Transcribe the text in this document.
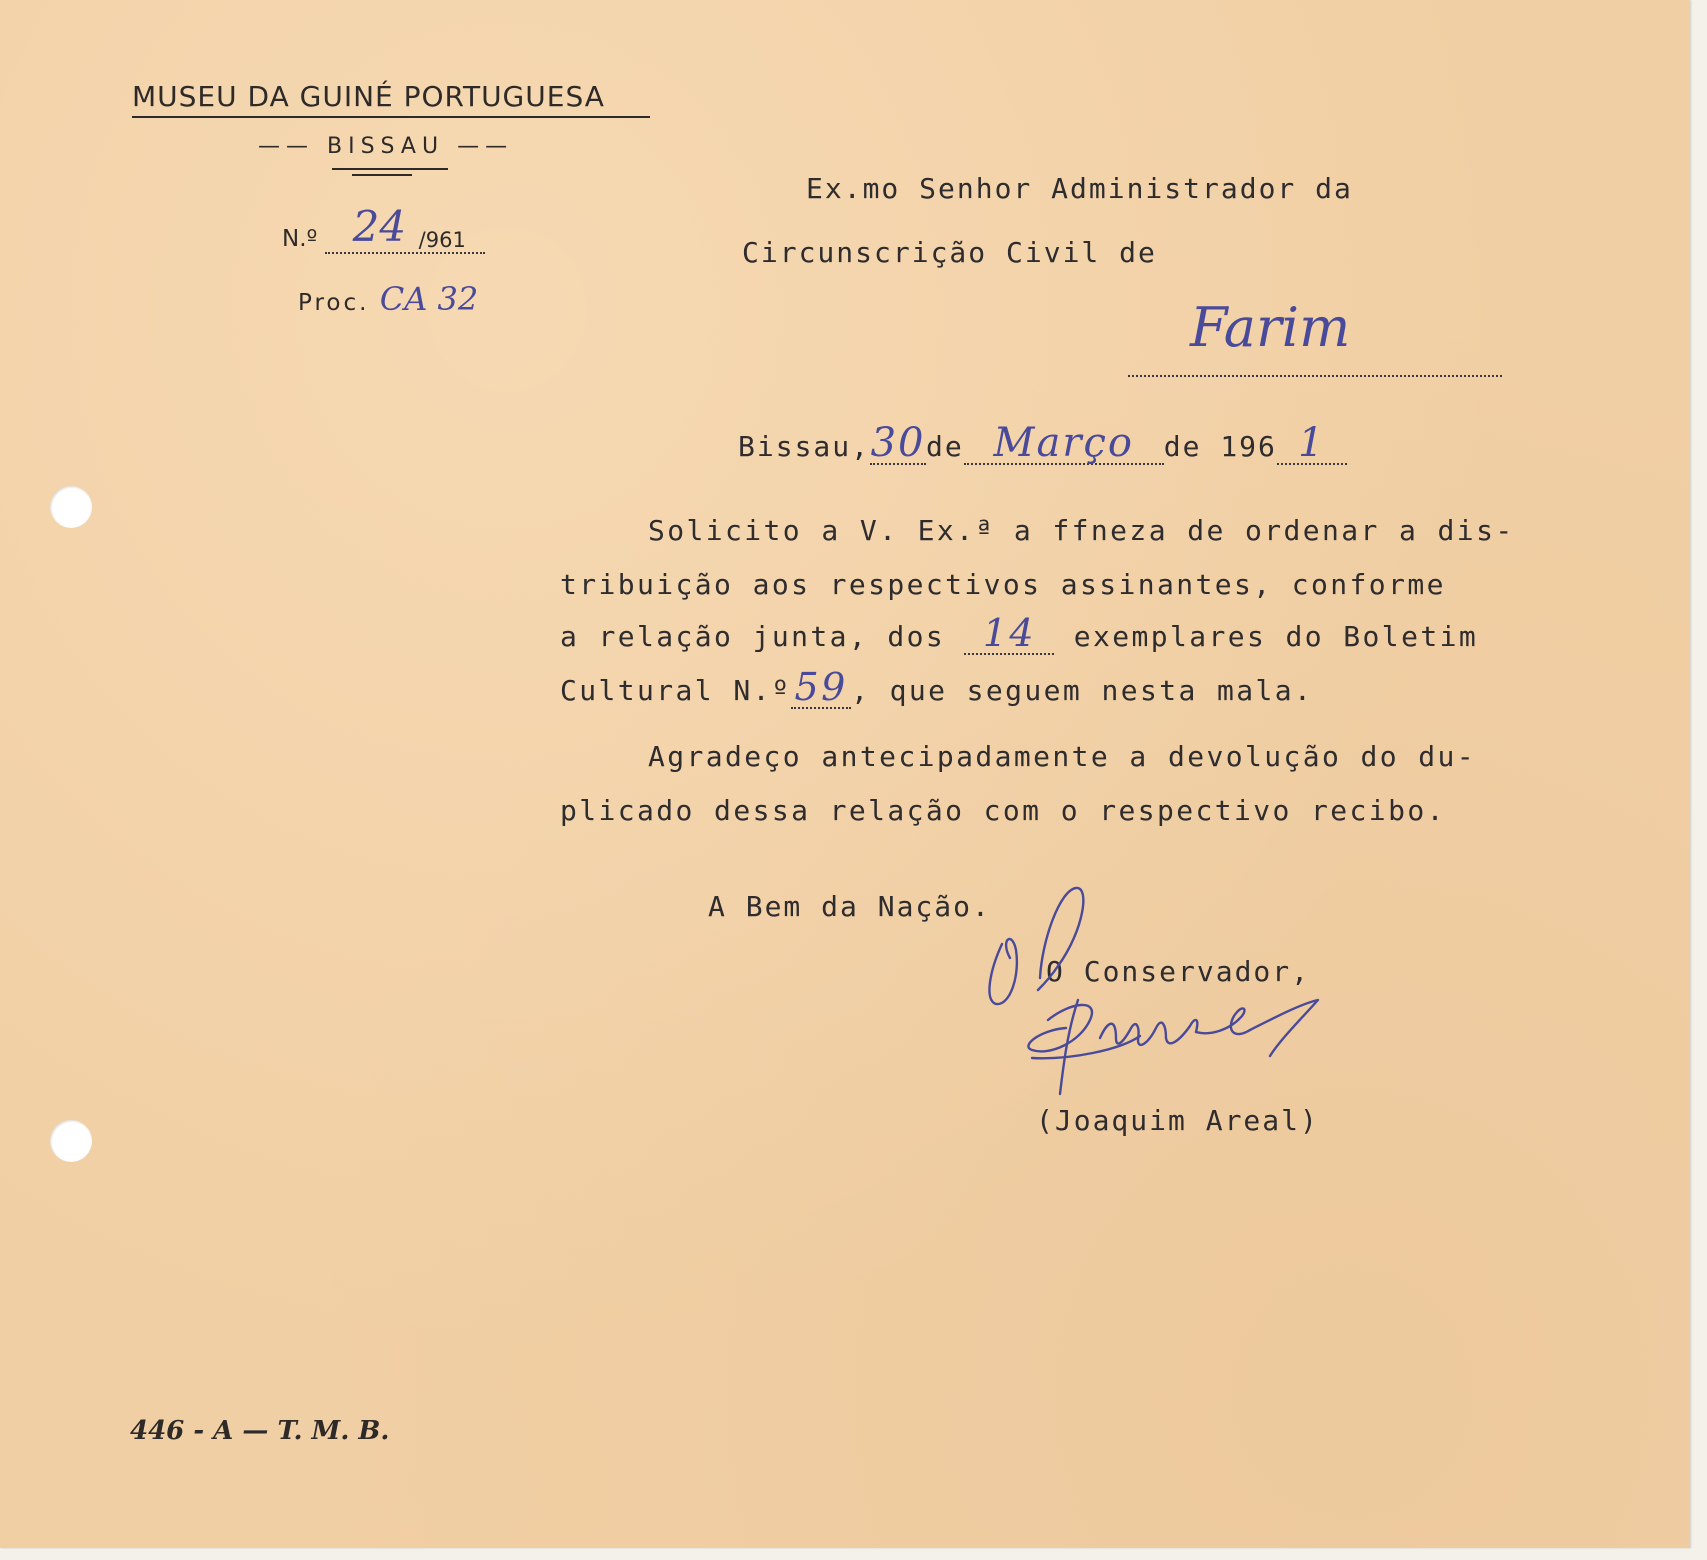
MUSEU DA GUINÉ PORTUGUESA
—— BISSAU ——
N.º 24 /961

Proc. CA 32
Ex.mo Senhor Administrador da
Circunscrição Civil de
Farim
Bissau,30de Março de 196 1
Solicito a V. Ex.ª a ffneza de ordenar a dis-
tribuição aos respectivos assinantes, conforme
a relação junta, dos 14 exemplares do Boletim
Cultural N.º59 , que seguem nesta mala.
Agradeço antecipadamente a devolução do du-
plicado dessa relação com o respectivo recibo.
A Bem da Nação.
O Conservador,
(Joaquim Areal)
446 - A — T. M. B.
